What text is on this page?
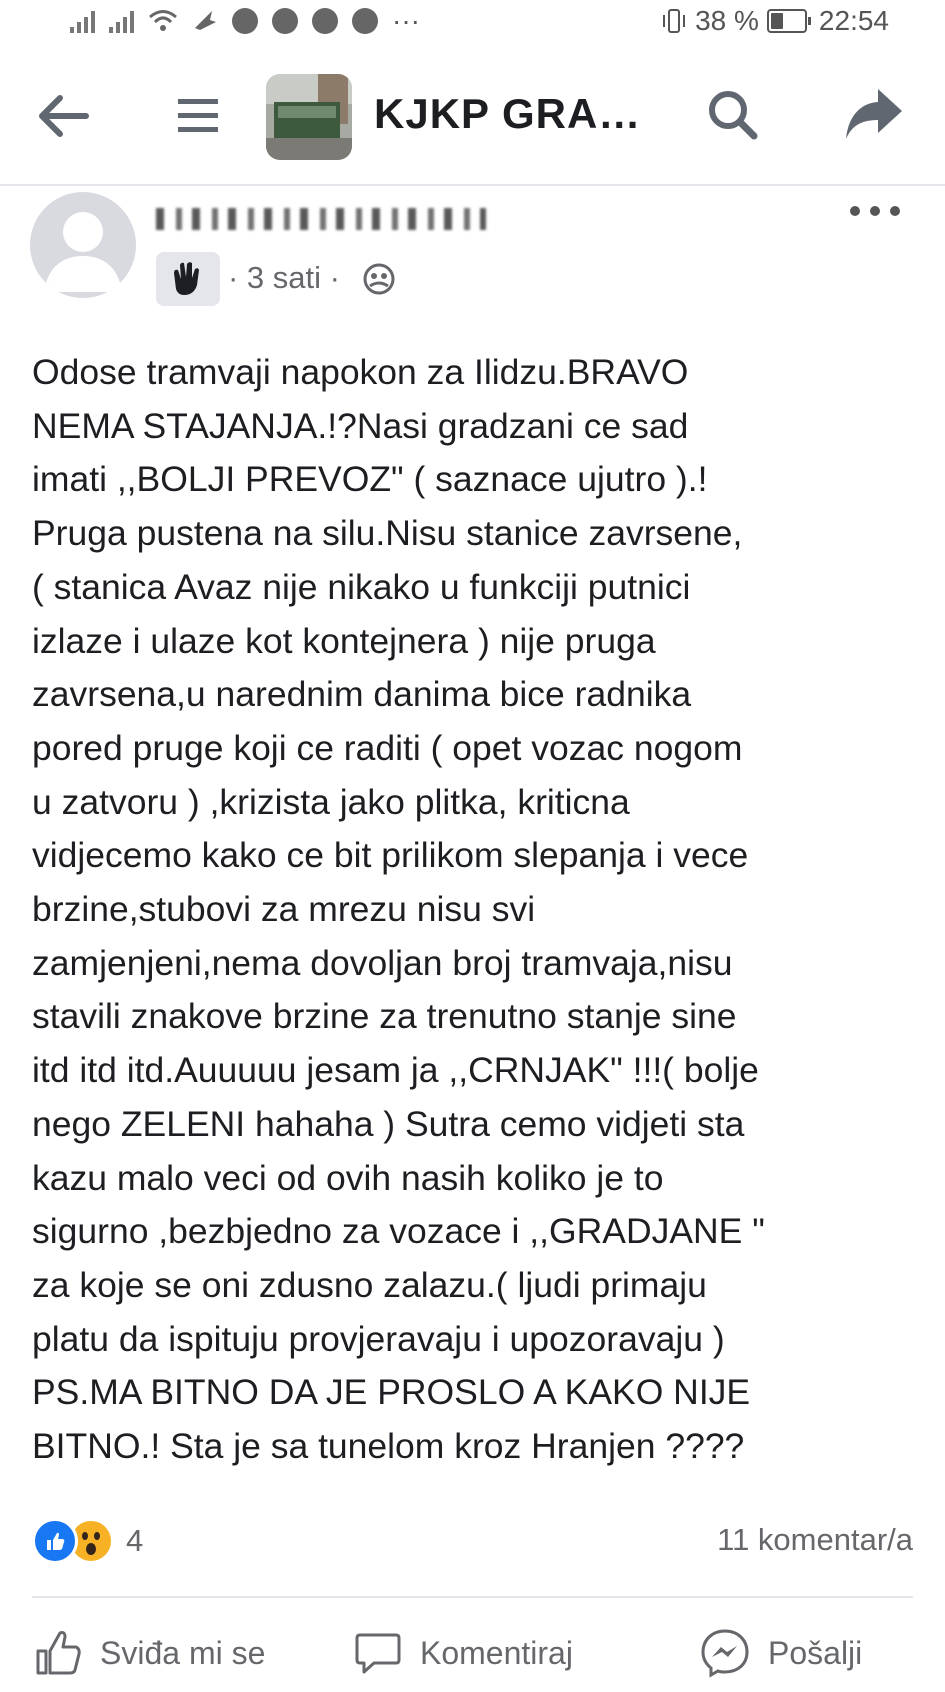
···	38 % 22:54
KJKP GRA…
· 3 sati ·
Odose tramvaji napokon za Ilidzu.BRAVO
NEMA STAJANJA.!?Nasi gradzani ce sad
imati ,,BOLJI PREVOZ" ( saznace ujutro ).!
Pruga pustena na silu.Nisu stanice zavrsene,
( stanica Avaz nije nikako u funkciji putnici
izlaze i ulaze kot kontejnera ) nije pruga
zavrsena,u narednim danima bice radnika
pored pruge koji ce raditi ( opet vozac nogom
u zatvoru ) ,krizista jako plitka, kriticna
vidjecemo kako ce bit prilikom slepanja i vece
brzine,stubovi za mrezu nisu svi
zamjenjeni,nema dovoljan broj tramvaja,nisu
stavili znakove brzine za trenutno stanje sine
itd itd itd.Auuuuu jesam ja ,,CRNJAK" !!!( bolje
nego ZELENI hahaha ) Sutra cemo vidjeti sta
kazu malo veci od ovih nasih koliko je to
sigurno ,bezbjedno za vozace i ,,GRADJANE "
za koje se oni zdusno zalazu.( ljudi primaju
platu da ispituju provjeravaju i upozoravaju )
PS.MA BITNO DA JE PROSLO A KAKO NIJE
BITNO.! Sta je sa tunelom kroz Hranjen ????
4	11 komentar/a
Sviđa mi se	Komentiraj	Pošalji
